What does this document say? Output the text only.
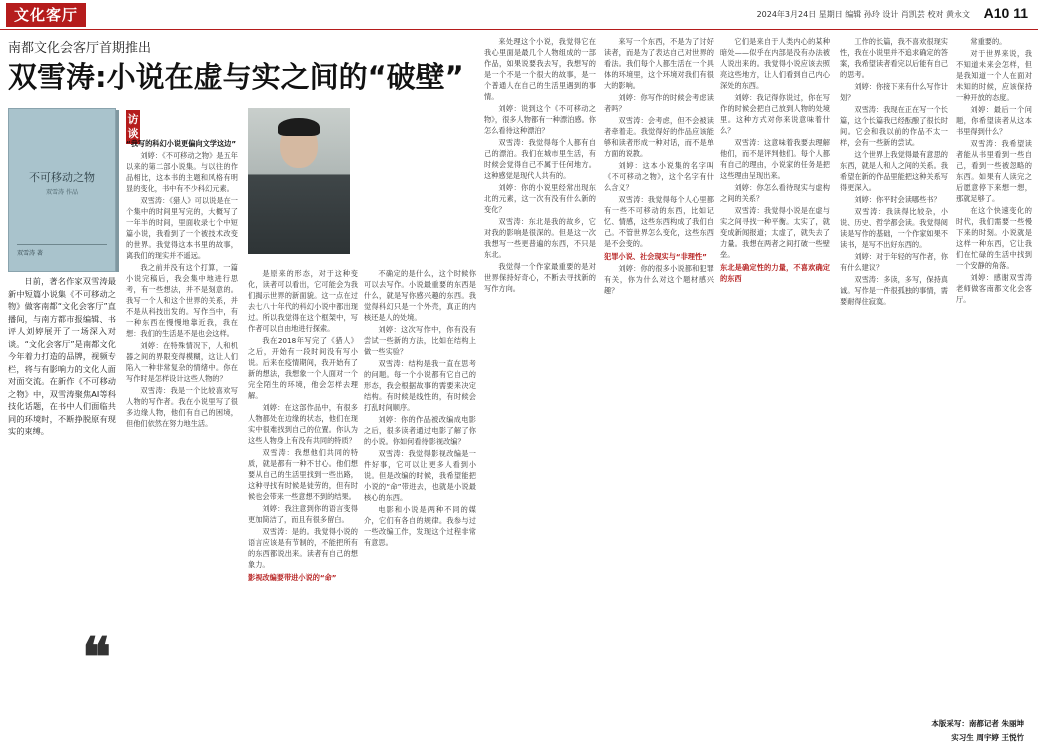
文化客厅	2024年3月24日 星期日 编辑 孙玲 设计 肖凯芸 校对 黄永文 A10 11
南都文化会客厅首期推出
双雪涛:小说在虚与实之间的“破壁”
不可移动之物
双雪涛 作品
双雪涛 著
访谈
日前，著名作家双雪涛最新中短篇小说集《不可移动之物》做客南都“文化会客厅”直播间，与南方都市报编辑、书评人刘婷展开了一场深入对谈。“文化会客厅”是南都文化今年着力打造的品牌，视频专栏，将与有影响力的文化人面对面交流。在新作《不可移动之物》中，双雪涛聚焦AI等科技化话题，在书中人们面临共同的环境时，不断挣脱原有现实的束缚。
❝
“我写的科幻小说更偏向文学这边”
刘婷：《不可移动之物》是五年以来的第二部小说集。与以往的作品相比，这本书的主题和风格有明显的变化，书中有不少科幻元素。
双雪涛：《猎人》可以说是在一个集中的时间里写完的，大概写了一年半的时间，里面收录七个中短篇小说，我看到了一个被技术改变的世界。我觉得这本书里的故事，离我们的现实并不遥远。
我之前并没有这个打算，一篇小说完稿后，我会集中地进行思考，有一些想法，并不是刻意的。我写一个人和这个世界的关系，并不是从科技出发的。写作当中，有一种东西在慢慢地靠近我，我在想：我们的生活是不是也会这样。
刘婷：在特殊情况下，人和机器之间的界限变得模糊，这让人们陷入一种非常复杂的情绪中。你在写作时是怎样设计这些人物的？
双雪涛：我是一个比较喜欢写人物的写作者。我在小说里写了很多边缘人物，他们有自己的困境，但他们依然在努力地生活。
是原来的形态，对于这种变化，读者可以看出，它可能会为我们揭示世界的新面貌。这一点在过去七八十年代的科幻小说中都出现过。所以我觉得在这个框架中，写作者可以自由地进行探索。
我在2018年写完了《猎人》之后，开始有一段时间没有写小说。后来在疫情期间，我开始有了新的想法，我想象一个人面对一个完全陌生的环境，他会怎样去理解。
刘婷：在这部作品中，有很多人物都处在边缘的状态，他们在现实中很难找到自己的位置。你认为这些人物身上有没有共同的特质？
双雪涛：我想他们共同的特质，就是都有一种不甘心。他们想要从自己的生活里找到一些出路，这种寻找有时候是徒劳的，但有时候也会带来一些意想不到的结果。
刘婷：我注意到你的语言变得更加简洁了，而且有很多留白。
双雪涛：是的。我觉得小说的语言应该是有节制的，不能把所有的东西都说出来。读者有自己的想象力。
影视改编要带进小说的“命”
不确定的是什么，这个时候你可以去写作。小说最重要的东西是什么，就是写你感兴趣的东西。我觉得科幻只是一个外壳，真正的内核还是人的处境。
刘婷：这次写作中，你有没有尝试一些新的方法，比如在结构上做一些实验？
双雪涛：结构是我一直在思考的问题。每一个小说都有它自己的形态，我会根据故事的需要来决定结构。有时候是线性的，有时候会打乱时间顺序。
刘婷：你的作品被改编成电影之后，很多读者通过电影了解了你的小说。你如何看待影视改编？
双雪涛：我觉得影视改编是一件好事，它可以让更多人看到小说。但是改编的时候，我希望能把小说的“命”带进去，也就是小说最核心的东西。
电影和小说是两种不同的媒介，它们有各自的规律。我参与过一些改编工作，发现这个过程非常有意思。
来处理这个小说，我觉得它在我心里面是最几个人物组成的一部作品，如果说要我去写，我想写的是一个不是一个很大的故事，是一个普通人在自己的生活里遇到的事情。
刘婷：说到这个《不可移动之物》，很多人物都有一种漂泊感。你怎么看待这种漂泊？
双雪涛：我觉得每个人都有自己的漂泊。我们在城市里生活，有时候会觉得自己不属于任何地方。这种感觉是现代人共有的。
刘婷：你的小说里经常出现东北的元素，这一次有没有什么新的变化？
双雪涛：东北是我的故乡，它对我的影响是很深的。但是这一次我想写一些更普遍的东西，不只是东北。
我觉得一个作家最重要的是对世界保持好奇心，不断去寻找新的写作方向。
来写一个东西，不是为了讨好读者，而是为了表达自己对世界的看法。我们每个人都生活在一个具体的环境里，这个环境对我们有很大的影响。
刘婷：你写作的时候会考虑读者吗？
双雪涛：会考虑，但不会被读者牵着走。我觉得好的作品应该能够和读者形成一种对话，而不是单方面的说教。
刘婷：这本小说集的名字叫《不可移动之物》，这个名字有什么含义？
双雪涛：我觉得每个人心里都有一些不可移动的东西，比如记忆、情感，这些东西构成了我们自己。不管世界怎么变化，这些东西是不会变的。
犯罪小说、社会现实与“非理性”
刘婷：你的很多小说都和犯罪有关，你为什么对这个题材感兴趣？
它们是来自于人类内心的某种暗处——似乎在内部是没有办法被人说出来的。我觉得小说应该去照亮这些地方，让人们看到自己内心深处的东西。
刘婷：我记得你说过，你在写作的时候会把自己放到人物的处境里。这种方式对你来说意味着什么？
双雪涛：这意味着我要去理解他们，而不是评判他们。每个人都有自己的理由，小说家的任务是把这些理由呈现出来。
刘婷：你怎么看待现实与虚构之间的关系？
双雪涛：我觉得小说是在虚与实之间寻找一种平衡。太实了，就变成新闻报道；太虚了，就失去了力量。我想在两者之间打破一些壁垒。
东北是确定性的力量，不喜欢确定的东西
工作的长篇，我不喜欢很现实性，我在小说里并不追求确定的答案，我希望读者看完以后能有自己的思考。
刘婷：你接下来有什么写作计划？
双雪涛：我现在正在写一个长篇，这个长篇我已经酝酿了很长时间。它会和我以前的作品不太一样，会有一些新的尝试。
这个世界上我觉得最有意思的东西，就是人和人之间的关系。我希望在新的作品里能把这种关系写得更深入。
刘婷：你平时会读哪些书？
双雪涛：我读得比较杂，小说、历史、哲学都会读。我觉得阅读是写作的基础，一个作家如果不读书，是写不出好东西的。
刘婷：对于年轻的写作者，你有什么建议？
双雪涛：多读，多写，保持真诚。写作是一件很孤独的事情，需要耐得住寂寞。
常重要的。
对于世界来说，我不知道未来会怎样，但是我知道一个人在面对未知的时候，应该保持一种开放的态度。
刘婷：最后一个问题，你希望读者从这本书里得到什么？
双雪涛：我希望读者能从书里看到一些自己，看到一些被忽略的东西。如果有人读完之后愿意停下来想一想，那就足够了。
在这个快速变化的时代，我们需要一些慢下来的时刻。小说就是这样一种东西，它让我们在忙碌的生活中找到一个安静的角落。
刘婷：感谢双雪涛老师做客南都文化会客厅。
本版采写：南都记者 朱丽坤
实习生 周宇婷 王悦竹
